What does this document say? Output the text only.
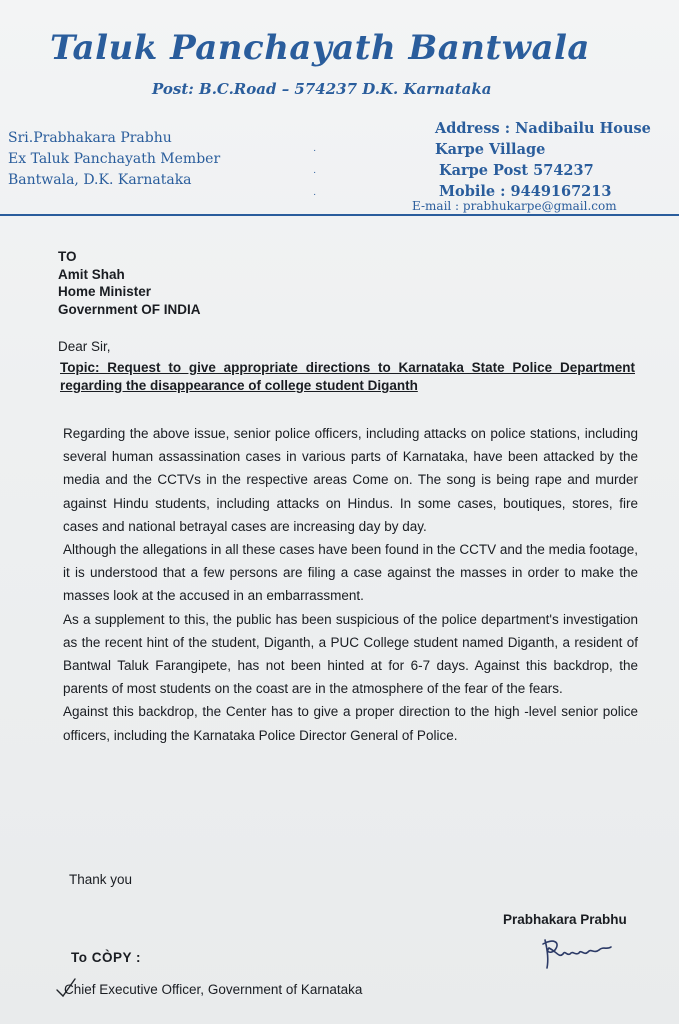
Taluk Panchayath Bantwala
Post: B.C.Road – 574237 D.K. Karnataka
Sri.Prabhakara Prabhu
Ex Taluk Panchayath Member
Bantwala, D.K. Karnataka
·
·
·
Address : Nadibailu House
Karpe Village
Karpe Post 574237
Mobile : 9449167213
E-mail : prabhukarpe@gmail.com
TO
Amit Shah
Home Minister
Government OF INDIA
Dear Sir,
Topic: Request to give appropriate directions to Karnataka State Police Department regarding the disappearance of college student Diganth

Regarding the above issue, senior police officers, including attacks on police stations, including several human assassination cases in various parts of Karnataka, have been attacked by the media and the CCTVs in the respective areas Come on. The song is being rape and murder against Hindu students, including attacks on Hindus. In some cases, boutiques, stores, fire cases and national betrayal cases are increasing day by day.

Although the allegations in all these cases have been found in the CCTV and the media footage, it is understood that a few persons are filing a case against the masses in order to make the masses look at the accused in an embarrassment.

As a supplement to this, the public has been suspicious of the police department's investigation as the recent hint of the student, Diganth, a PUC College student named Diganth, a resident of Bantwal Taluk Farangipete, has not been hinted at for 6-7 days. Against this backdrop, the parents of most students on the coast are in the atmosphere of the fear of the fears.

Against this backdrop, the Center has to give a proper direction to the high -level senior police officers, including the Karnataka Police Director General of Police.

Thank you
Prabhakara Prabhu
To CÒPY :
Chief Executive Officer, Government of Karnataka
